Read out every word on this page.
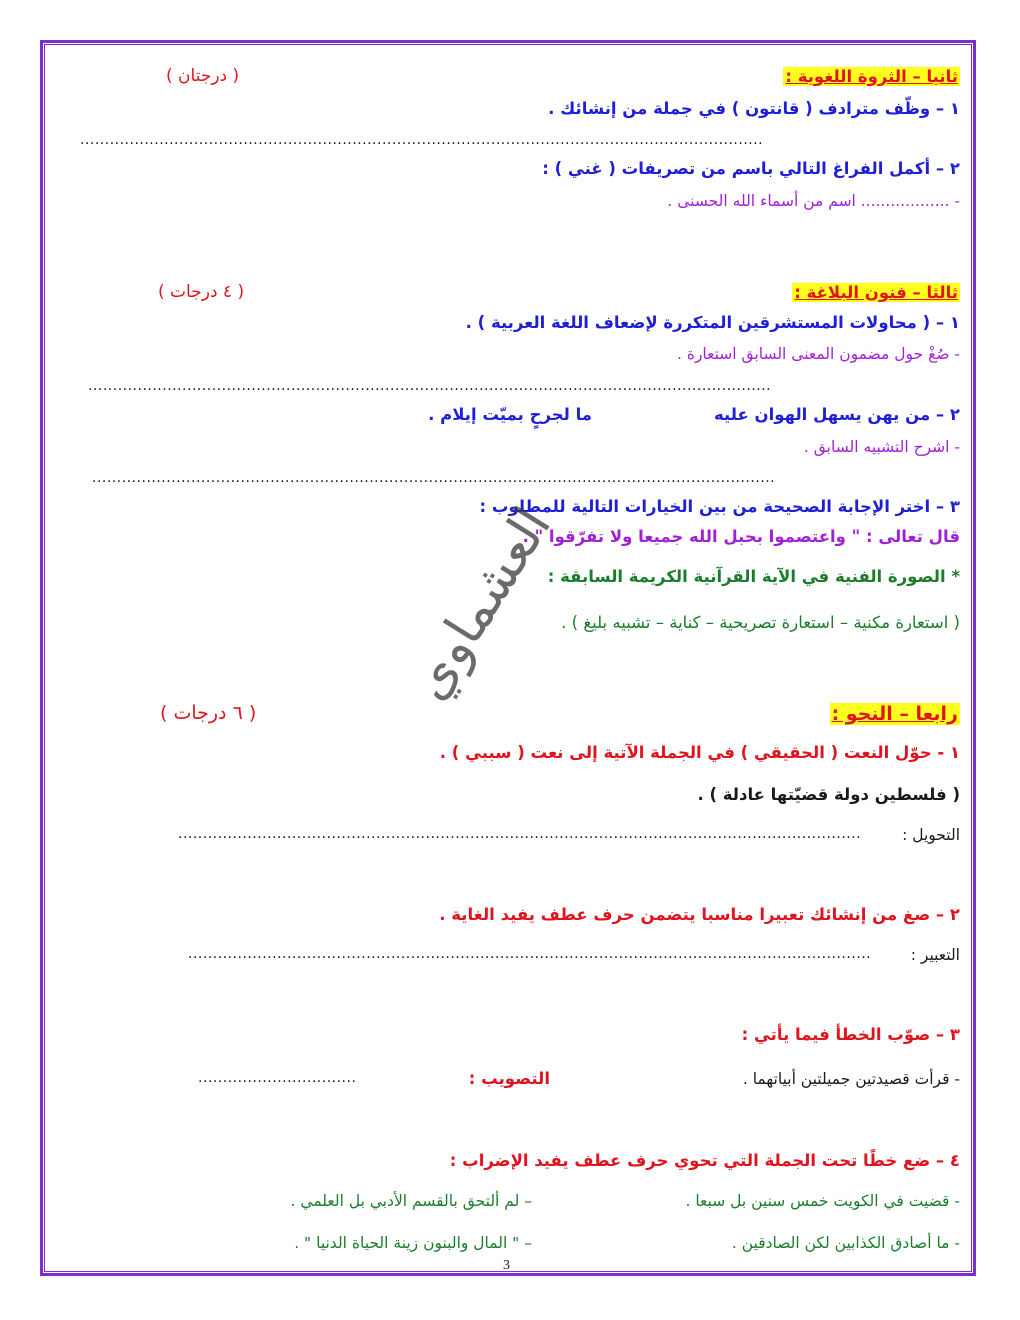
ثانيا – الثروة اللغوية :
( درجتان )
١ – وظّف مترادف ( قانتون ) في جملة من إنشائك .
..........................................................................................................................................
٢ – أكمل الفراغ التالي باسم من تصريفات ( غني ) :
- .................. اسم من أسماء الله الحسنى .
ثالثا – فنون البلاغة :
( ٤ درجات )
١ – ( محاولات المستشرقين المتكررة لإضعاف اللغة العربية ) .
- صُغْ حول مضمون المعنى السابق استعارة .
..........................................................................................................................................
٢ – من يهن يسهل الهوان عليه
ما لجرحٍ بميّت إيلام .
- اشرح التشبيه السابق .
..........................................................................................................................................
٣ – اختر الإجابة الصحيحة من بين الخيارات التالية للمطلوب :
قال تعالى : " واعتصموا بحبل الله جميعا ولا تفرّقوا " .
* الصورة الفنية في الآية القرآنية الكريمة السابقة :
( استعارة مكنية – استعارة تصريحية – كناية – تشبيه بليغ ) .
العشماوي
رابعا – النحو :
( ٦ درجات )
١ - حوّل النعت ( الحقيقي ) في الجملة الآتية إلى نعت ( سببي ) .
( فلسطين دولة قضيّتها عادلة ) .
التحويل :
..........................................................................................................................................
٢ – صغ من إنشائك تعبيرا مناسبا يتضمن حرف عطف يفيد الغاية .
التعبير :
..........................................................................................................................................
٣ – صوّب الخطأ فيما يأتي :
- قرأت قصيدتين جميلتين أبياتهما .
التصويب :
................................
٤ – ضع خطًا تحت الجملة التي تحوي حرف عطف يفيد الإضراب :
- قضيت في الكويت خمس سنين بل سبعا .
– لم ألتحق بالقسم الأدبي بل العلمي .
- ما أصادق الكذابين لكن الصادقين .
– " المال والبنون زينة الحياة الدنيا " .
3
